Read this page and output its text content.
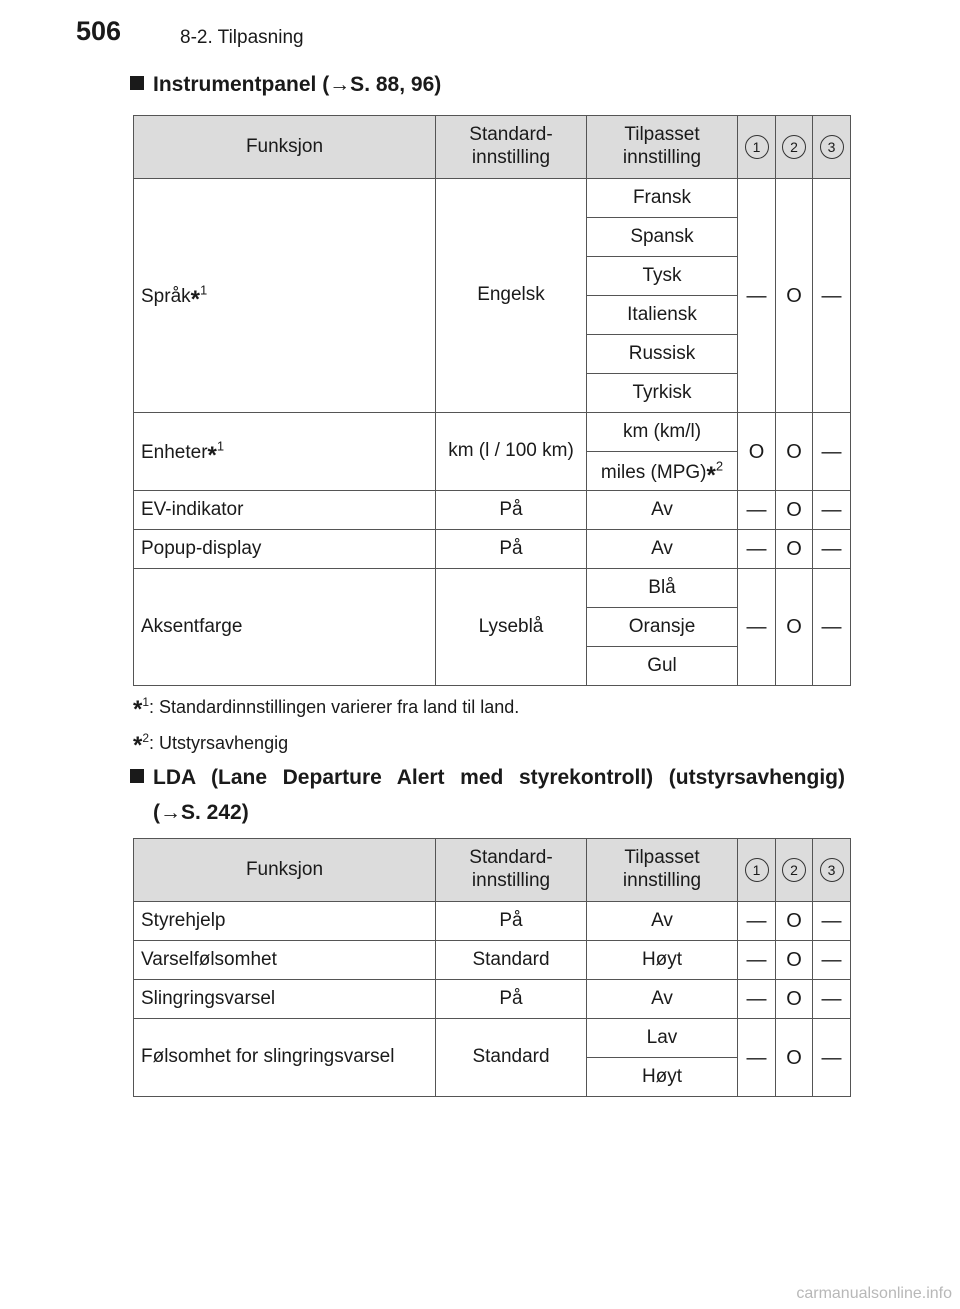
506	8-2. Tilpasning
Instrumentpanel (→S. 88, 96)
Funksjon	Standard- innstilling	Tilpasset innstilling	1	2	3
Språk*$^1$	Engelsk	Fransk	—	O	—
		Spansk			
		Tysk			
		Italiensk			
		Russisk			
		Tyrkisk			
Enheter*$^1$	km (l / 100 km)	km (km/l)	O	O	—
		miles (MPG)*$^2$
EV-indikator	På	Av	—	O	—
Popup-display	På	Av	—	O	—
Aksentfarge	Lyseblå	Blå	—	O	—
		Oransje			
		Gul			
*$^1$: Standardinnstillingen varierer fra land til land.
*$^2$: Utstyrsavhengig
LDA (Lane Departure Alert med styrekontroll) (utstyrsavhengig)
(→S. 242)
Funksjon	Standard- innstilling	Tilpasset innstilling	1	2	3
Styrehjelp	På	Av	—	O	—
Varselfølsomhet	Standard	Høyt	—	O	—
Slingringsvarsel	På	Av	—	O	—
Følsomhet for slingringsvarsel	Standard	Lav	—	O	—
		Høyt			
carmanualsonline.info
